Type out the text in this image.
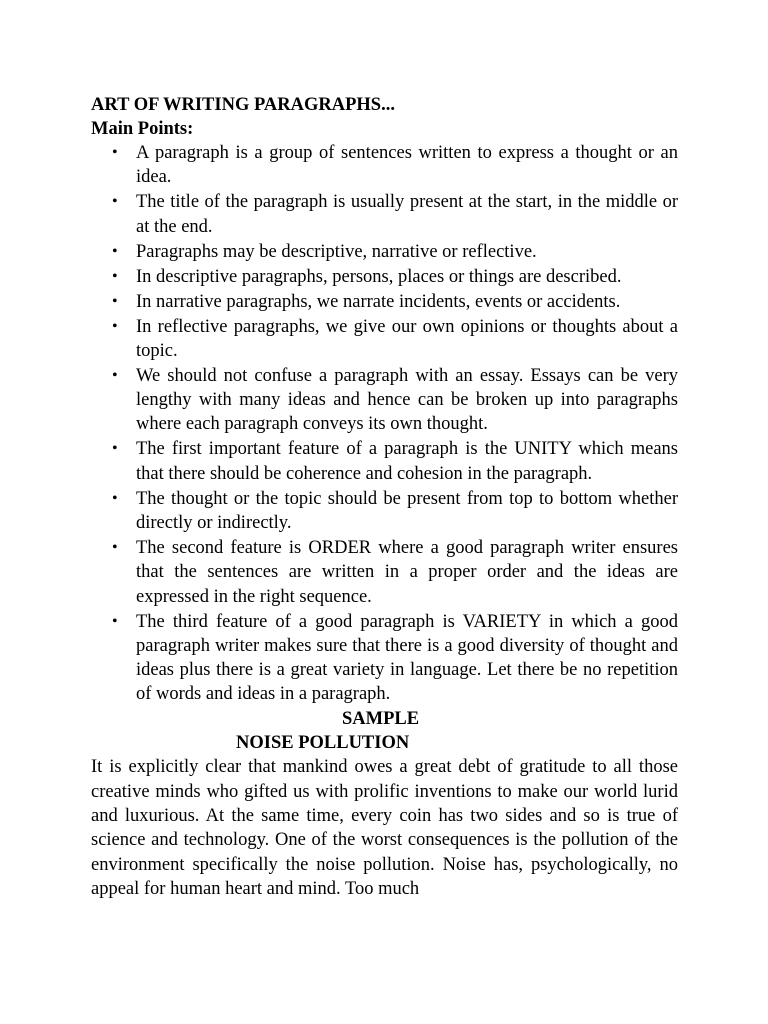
ART OF WRITING PARAGRAPHS...

Main Points:

• A paragraph is a group of sentences written to express a thought or an idea.
• The title of the paragraph is usually present at the start, in the middle or at the end.
• Paragraphs may be descriptive, narrative or reflective.
• In descriptive paragraphs, persons, places or things are described.
• In narrative paragraphs, we narrate incidents, events or accidents.
• In reflective paragraphs, we give our own opinions or thoughts about a topic.
• We should not confuse a paragraph with an essay. Essays can be very lengthy with many ideas and hence can be broken up into paragraphs where each paragraph conveys its own thought.
• The first important feature of a paragraph is the UNITY which means that there should be coherence and cohesion in the paragraph.
• The thought or the topic should be present from top to bottom whether directly or indirectly.
• The second feature is ORDER where a good paragraph writer ensures that the sentences are written in a proper order and the ideas are expressed in the right sequence.
• The third feature of a good paragraph is VARIETY in which a good paragraph writer makes sure that there is a good diversity of thought and ideas plus there is a great variety in language. Let there be no repetition of words and ideas in a paragraph.

SAMPLE

NOISE POLLUTION

It is explicitly clear that mankind owes a great debt of gratitude to all those creative minds who gifted us with prolific inventions to make our world lurid and luxurious. At the same time, every coin has two sides and so is true of science and technology. One of the worst consequences is the pollution of the environment specifically the noise pollution. Noise has, psychologically, no appeal for human heart and mind. Too much
